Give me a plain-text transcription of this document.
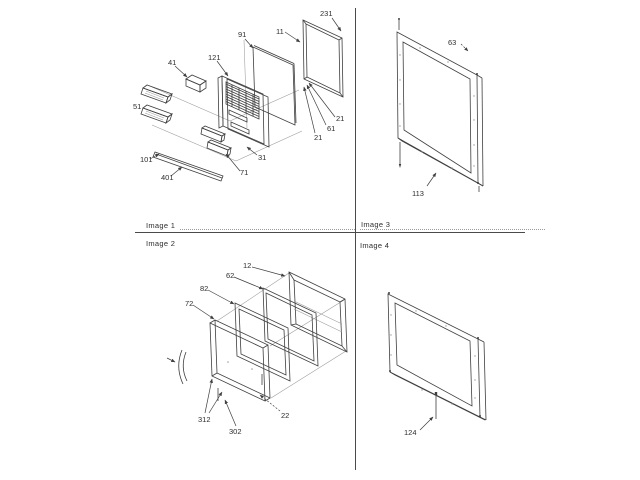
Image 1
Image 2
Image 3
Image 4
231
11
91
121
41
51
101
401
71
31
21
61
21
63
113
12
62
82
72
312
302
22
124
